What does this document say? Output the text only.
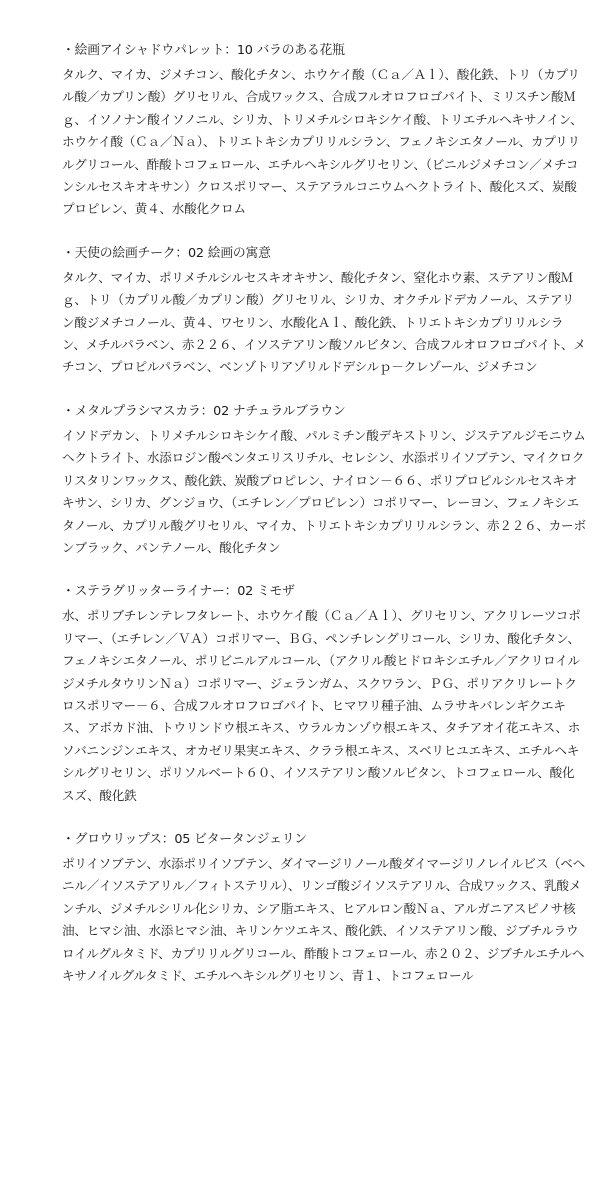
・絵画アイシャドウパレット：10 バラのある花瓶

タルク、マイカ、ジメチコン、酸化チタン、ホウケイ酸（Ｃａ／Ａｌ）、酸化鉄、トリ（カプリル酸／カプリン酸）グリセリル、合成ワックス、合成フルオロフロゴパイト、ミリスチン酸Ｍｇ、イソノナン酸イソノニル、シリカ、トリメチルシロキシケイ酸、トリエチルヘキサノイン、ホウケイ酸（Ｃａ／Ｎａ）、トリエトキシカプリリルシラン、フェノキシエタノール、カプリリルグリコール、酢酸トコフェロール、エチルヘキシルグリセリン、（ビニルジメチコン／メチコンシルセスキオキサン）クロスポリマー、ステアラルコニウムヘクトライト、酸化スズ、炭酸プロピレン、黄４、水酸化クロム

・天使の絵画チーク：02 絵画の寓意

タルク、マイカ、ポリメチルシルセスキオキサン、酸化チタン、窒化ホウ素、ステアリン酸Ｍｇ、トリ（カプリル酸／カプリン酸）グリセリル、シリカ、オクチルドデカノール、ステアリン酸ジメチコノール、黄４、ワセリン、水酸化Ａｌ、酸化鉄、トリエトキシカプリリルシラン、メチルパラベン、赤２２６、イソステアリン酸ソルビタン、合成フルオロフロゴパイト、メチコン、プロピルパラベン、ベンゾトリアゾリルドデシルｐ－クレゾール、ジメチコン

・メタルプラシマスカラ：02 ナチュラルブラウン

イソドデカン、トリメチルシロキシケイ酸、パルミチン酸デキストリン、ジステアルジモニウムヘクトライト、水添ロジン酸ペンタエリスリチル、セレシン、水添ポリイソブテン、マイクロクリスタリンワックス、酸化鉄、炭酸プロピレン、ナイロン－６６、ポリプロピルシルセスキオキサン、シリカ、グンジョウ、（エチレン／プロピレン）コポリマー、レーヨン、フェノキシエタノール、カプリル酸グリセリル、マイカ、トリエトキシカプリリルシラン、赤２２６、カーボンブラック、パンテノール、酸化チタン

・ステラグリッターライナー：02 ミモザ

水、ポリブチレンテレフタレート、ホウケイ酸（Ｃａ／Ａｌ）、グリセリン、アクリレーツコポリマー、（エチレン／ＶＡ）コポリマー、ＢＧ、ペンチレングリコール、シリカ、酸化チタン、フェノキシエタノール、ポリビニルアルコール、（アクリル酸ヒドロキシエチル／アクリロイルジメチルタウリンＮａ）コポリマー、ジェランガム、スクワラン、ＰＧ、ポリアクリレートクロスポリマー－６、合成フルオロフロゴパイト、ヒマワリ種子油、ムラサキバレンギクエキス、アボカド油、トウリンドウ根エキス、ウラルカンゾウ根エキス、タチアオイ花エキス、ホソバニンジンエキス、オカゼリ果実エキス、クララ根エキス、スベリヒユエキス、エチルヘキシルグリセリン、ポリソルベート６０、イソステアリン酸ソルビタン、トコフェロール、酸化スズ、酸化鉄

・グロウリップス：05 ビタータンジェリン

ポリイソブテン、水添ポリイソブテン、ダイマージリノール酸ダイマージリノレイルビス（ベヘニル／イソステアリル／フィトステリル）、リンゴ酸ジイソステアリル、合成ワックス、乳酸メンチル、ジメチルシリル化シリカ、シア脂エキス、ヒアルロン酸Ｎａ、アルガニアスピノサ核油、ヒマシ油、水添ヒマシ油、キリンケツエキス、酸化鉄、イソステアリン酸、ジブチルラウロイルグルタミド、カプリリルグリコール、酢酸トコフェロール、赤２０２、ジブチルエチルヘキサノイルグルタミド、エチルヘキシルグリセリン、青１、トコフェロール
